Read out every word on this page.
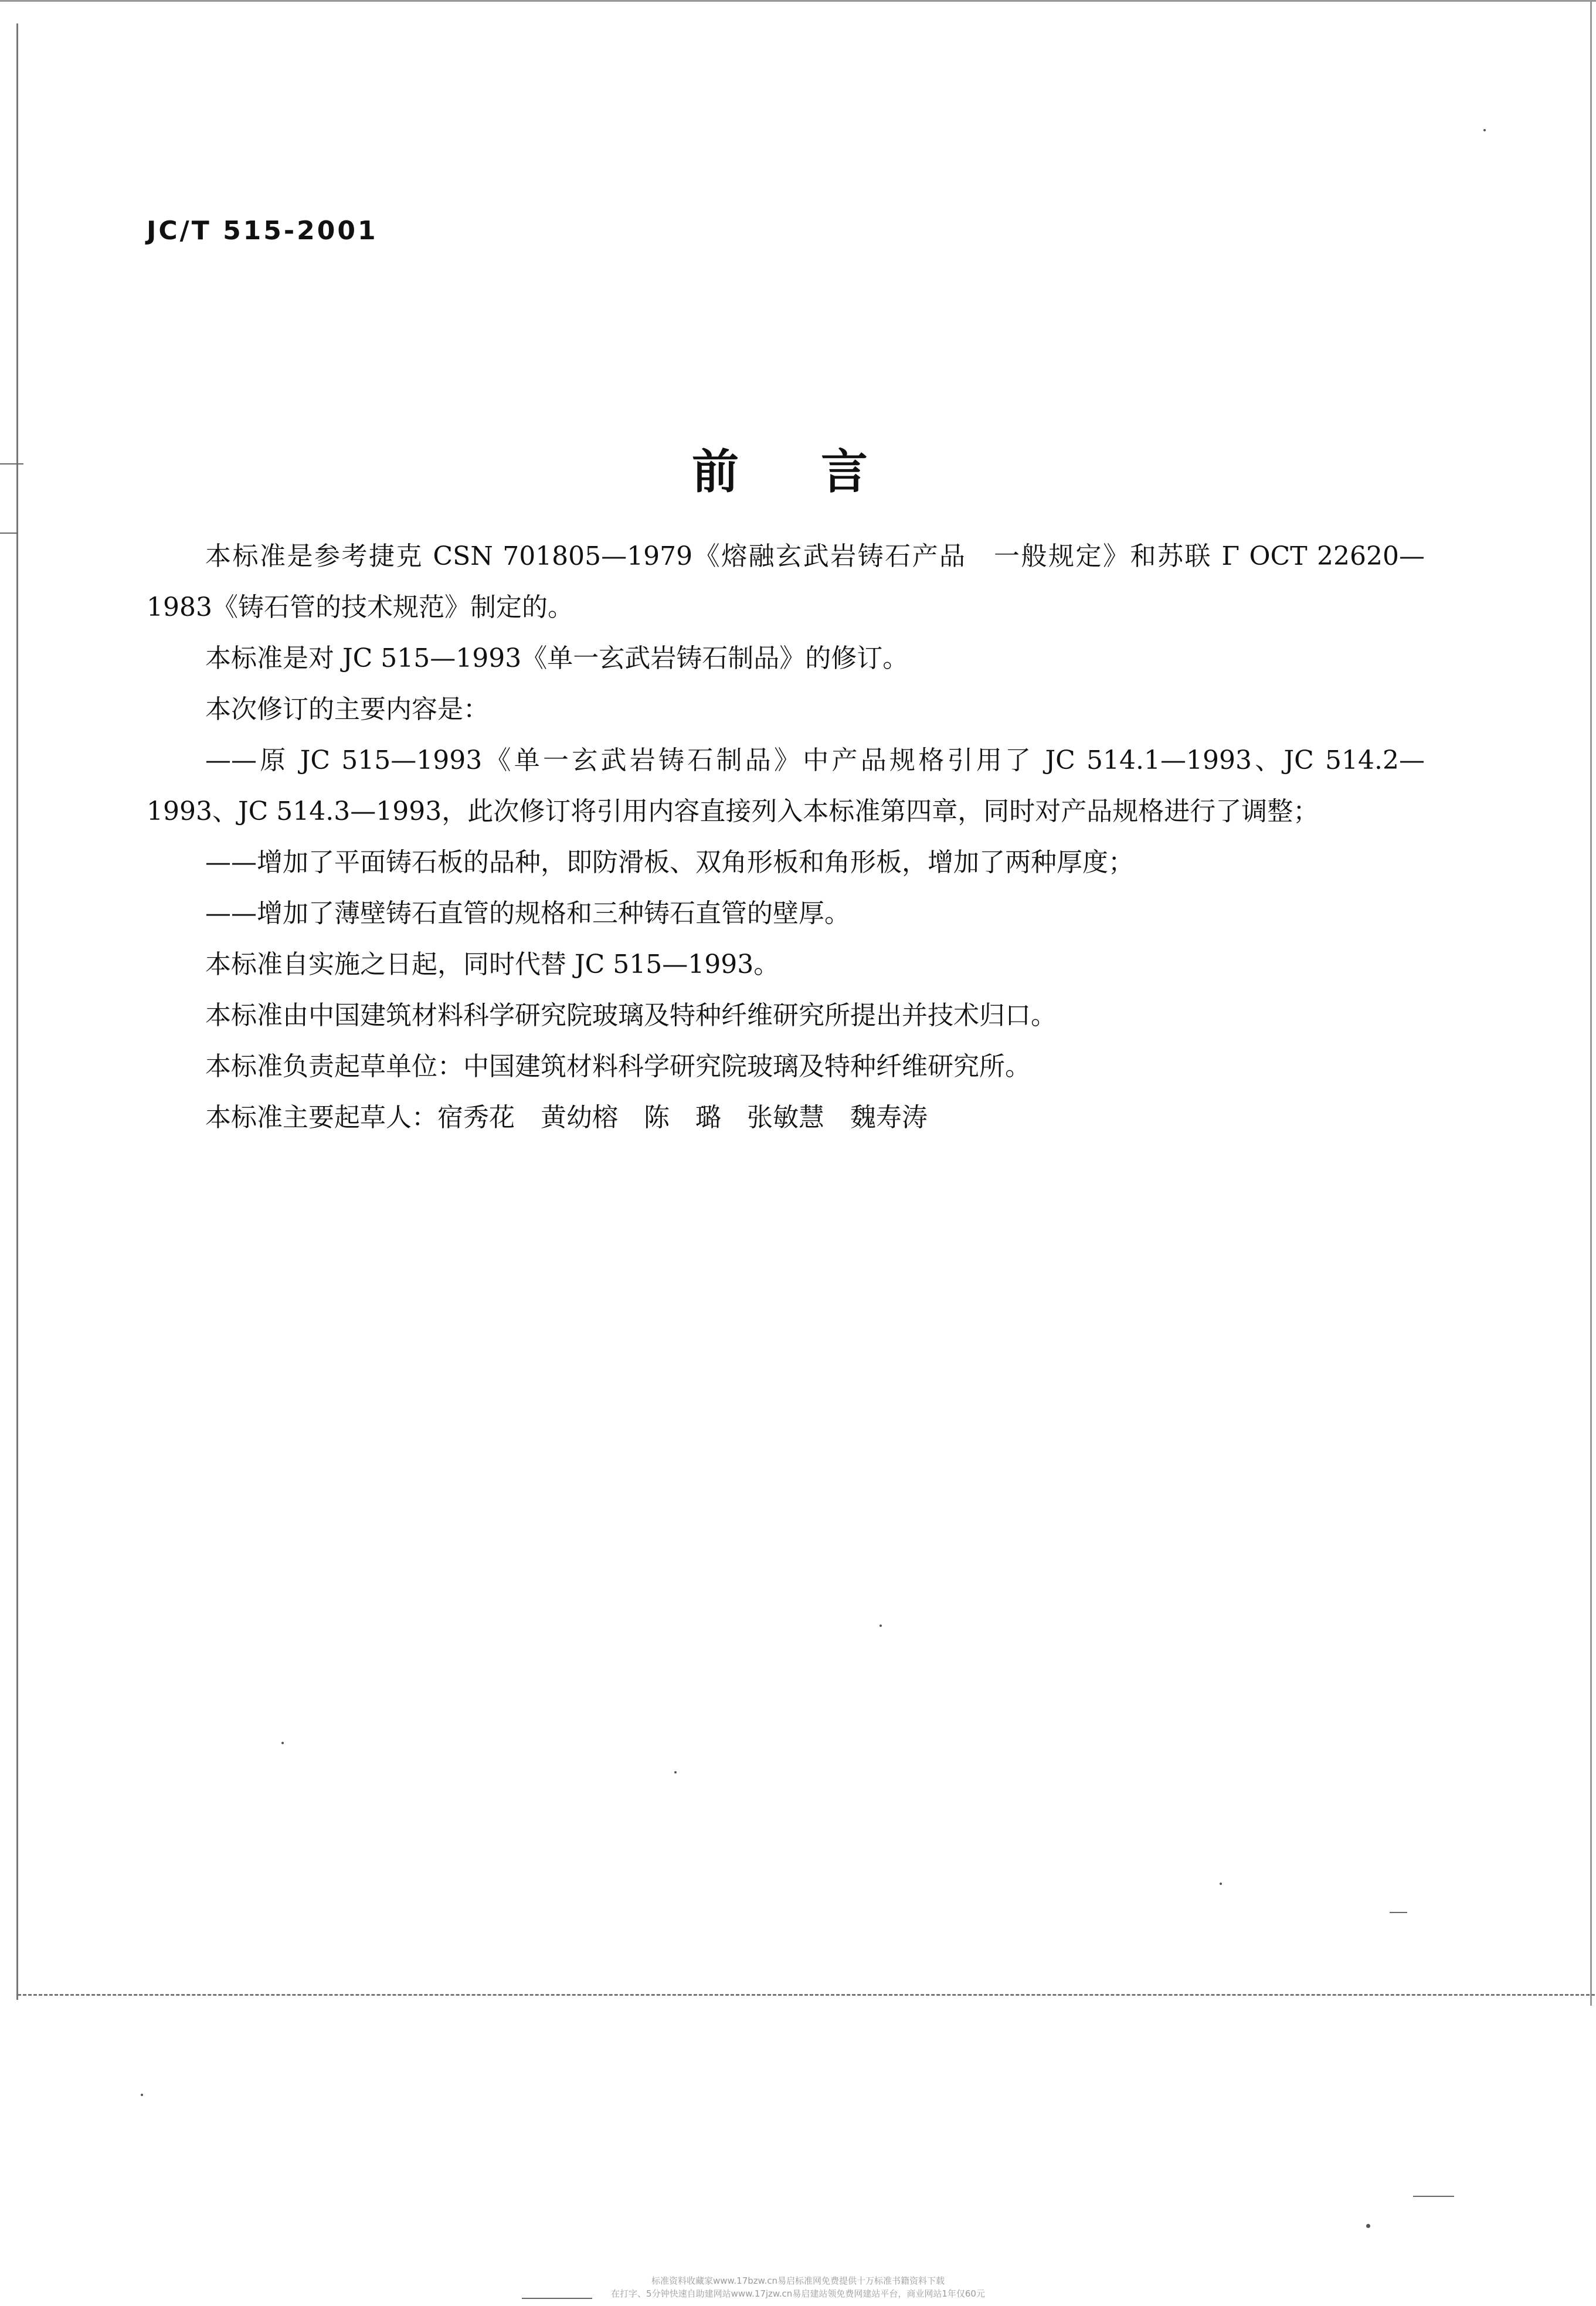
JC/T 515-2001
前言

本标准是参考捷克 CSN 701805—1979《熔融玄武岩铸石产品　一般规定》和苏联 Γ OCT 22620—1983《铸石管的技术规范》制定的。

本标准是对 JC 515—1993《单一玄武岩铸石制品》的修订。

本次修订的主要内容是：

——原 JC 515—1993《单一玄武岩铸石制品》中产品规格引用了 JC 514.1—1993、JC 514.2—1993、JC 514.3—1993，此次修订将引用内容直接列入本标准第四章，同时对产品规格进行了调整；

——增加了平面铸石板的品种，即防滑板、双角形板和角形板，增加了两种厚度；

——增加了薄壁铸石直管的规格和三种铸石直管的壁厚。

本标准自实施之日起，同时代替 JC 515—1993。

本标准由中国建筑材料科学研究院玻璃及特种纤维研究所提出并技术归口。

本标准负责起草单位：中国建筑材料科学研究院玻璃及特种纤维研究所。

本标准主要起草人：宿秀花　黄幼榕　陈　璐　张敏慧　魏寿涛

标准资料收藏家www.17bzw.cn易启标准网免费提供十万标准书籍资料下载
在打字、5分钟快速自助建网站www.17jzw.cn易启建站领免费网建站平台，商业网站1年仅60元
